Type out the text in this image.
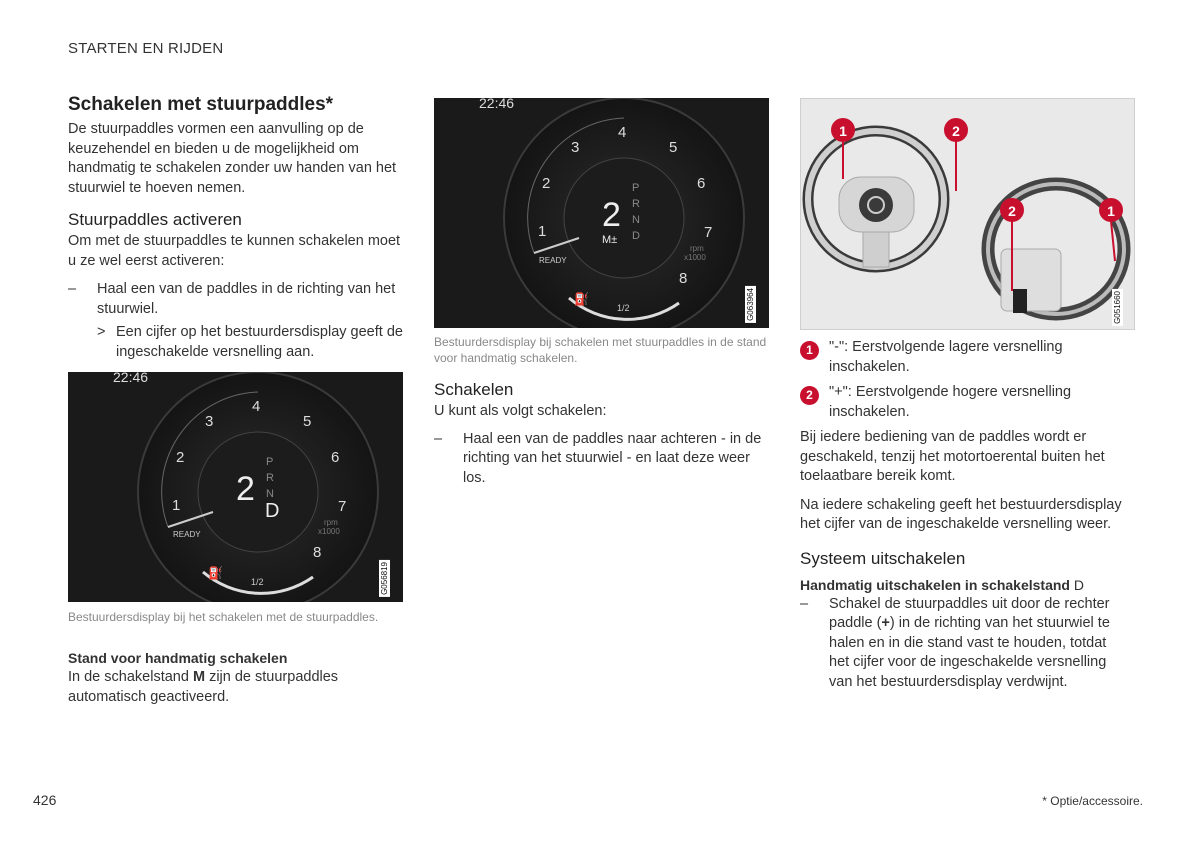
STARTEN EN RIJDEN
Schakelen met stuurpaddles*

De stuurpaddles vormen een aanvulling op de keuzehendel en bieden u de mogelijkheid om handmatig te schakelen zonder uw handen van het stuurwiel te hoeven nemen.

Stuurpaddles activeren

Om met de stuurpaddles te kunnen schakelen moet u ze wel eerst activeren:

– Haal een van de paddles in de richting van het stuurwiel.
> Een cijfer op het bestuurdersdisplay geeft de ingeschakelde versnelling aan.
22:46
1
2
3
4
5
6
7
8
2
P
R
N
D
rpm
x1000
READY
⛽
1/2	G056819
Bestuurdersdisplay bij het schakelen met de stuurpaddles.
Stand voor handmatig schakelen

In de schakelstand M zijn de stuurpaddles automatisch geactiveerd.

22:46
1
2
3
4
5
6
7
8
2
P
R
N
D
M±
rpm
x1000
READY
⛽
1/2	G063964
Bestuurdersdisplay bij schakelen met stuurpaddles in de stand voor handmatig schakelen.
Schakelen

U kunt als volgt schakelen:

– Haal een van de paddles naar achteren - in de richting van het stuurwiel - en laat deze weer los.
1	2
2	1
G051660
1	"-": Eerstvolgende lagere versnelling inschakelen.
2	"+": Eerstvolgende hogere versnelling inschakelen.

Bij iedere bediening van de paddles wordt er geschakeld, tenzij het motortoerental buiten het toelaatbare bereik komt.

Na iedere schakeling geeft het bestuurdersdisplay het cijfer van de ingeschakelde versnelling weer.

Systeem uitschakelen
Handmatig uitschakelen in schakelstand D
– Schakel de stuurpaddles uit door de rechter paddle (+) in de richting van het stuurwiel te halen en in die stand vast te houden, totdat het cijfer voor de ingeschakelde versnelling van het bestuurdersdisplay verdwijnt.
426	* Optie/accessoire.
